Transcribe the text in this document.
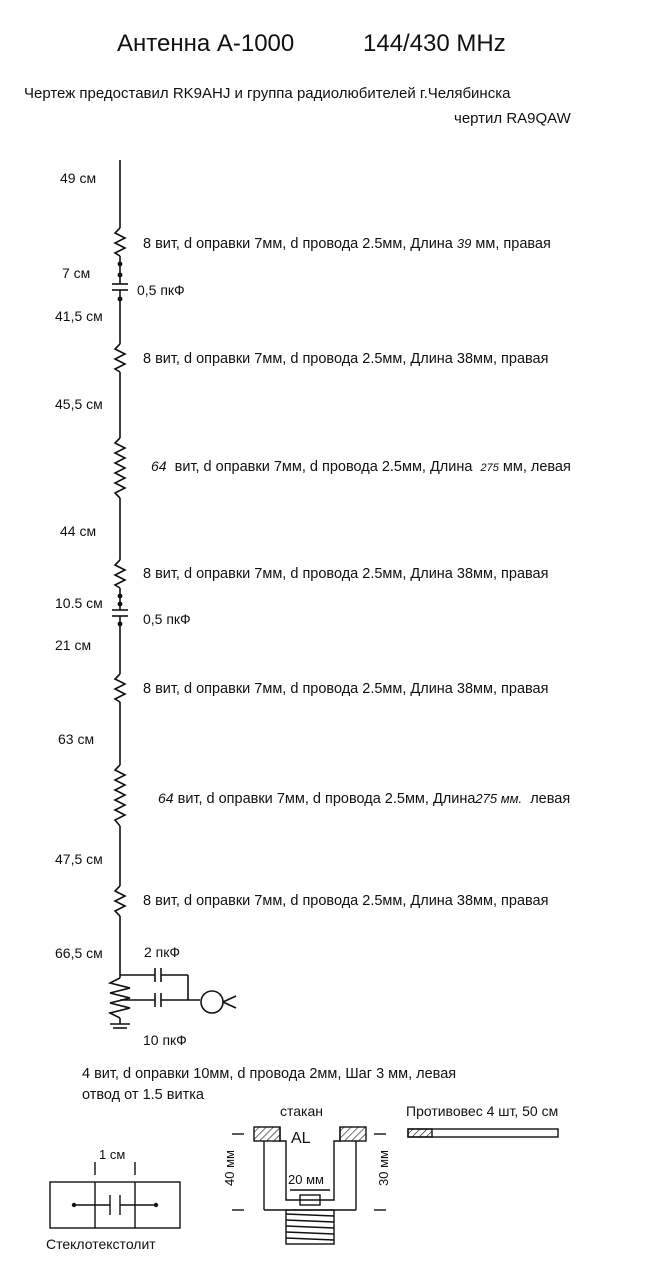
Антенна А-1000	144/430 MHz
Чертеж предоставил RK9AHJ и группа радиолюбителей г.Челябинска
чертил RA9QAW
49 см
7 см
41,5 см
45,5 см
44 см
10.5 см
21 см
63 см
47,5 см
66,5 см
0,5 пкФ
0,5 пкФ
2 пкФ
10 пкФ
8 вит, d оправки 7мм, d провода 2.5мм, Длина 39 мм, правая
8 вит, d оправки 7мм, d провода 2.5мм, Длина 38мм, правая
64 вит, d оправки 7мм, d провода 2.5мм, Длина 275 мм, левая
8 вит, d оправки 7мм, d провода 2.5мм, Длина 38мм, правая
8 вит, d оправки 7мм, d провода 2.5мм, Длина 38мм, правая
64 вит, d оправки 7мм, d провода 2.5мм, Длина275 мм. левая
8 вит, d оправки 7мм, d провода 2.5мм, Длина 38мм, правая
4 вит, d оправки 10мм, d провода 2мм, Шаг 3 мм, левая
отвод от 1.5 витка
стакан
AL
40 мм	30 мм
20 мм
Противовес 4 шт, 50 см
1 см
Стеклотекстолит
